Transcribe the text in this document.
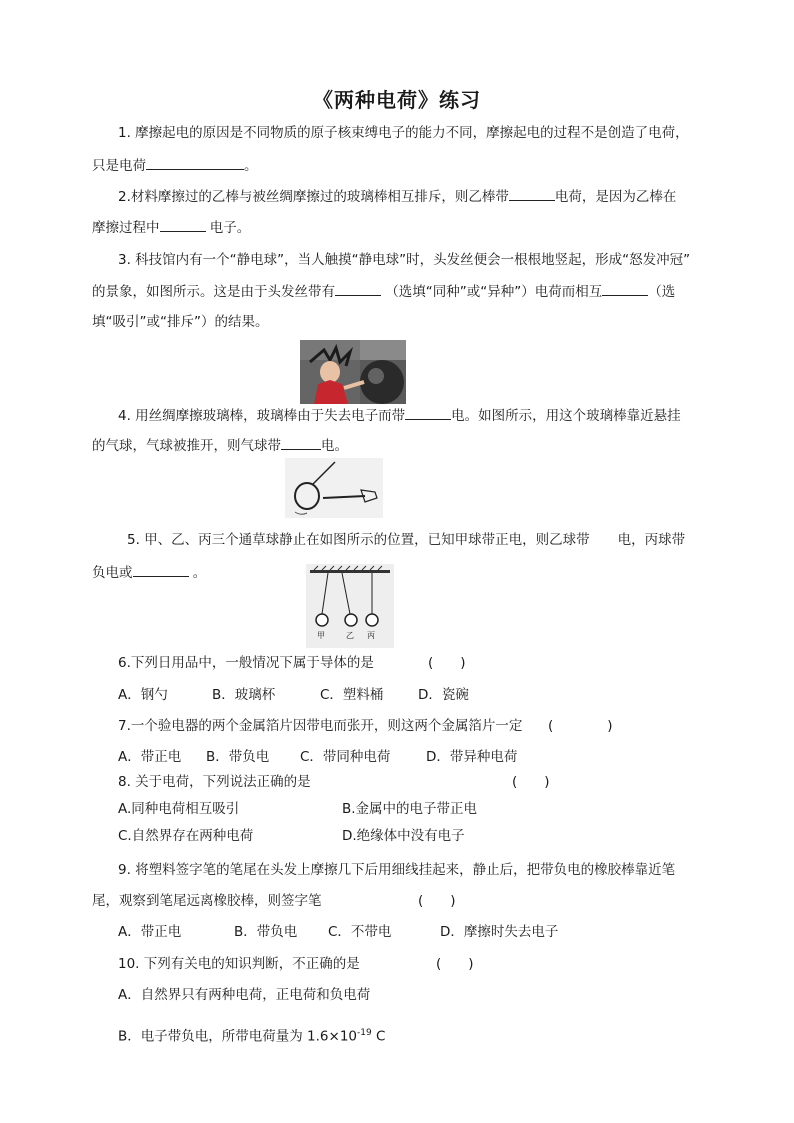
《两种电荷》练习
1. 摩擦起电的原因是不同物质的原子核束缚电子的能力不同，摩擦起电的过程不是创造了电荷，
只是电荷	。
2.材料摩擦过的乙棒与被丝绸摩擦过的玻璃棒相互排斥，则乙棒带	电荷，是因为乙棒在
摩擦过程中	电子。
3. 科技馆内有一个“静电球”，当人触摸“静电球”时，头发丝便会一根根地竖起，形成“怒发冲冠”
的景象，如图所示。这是由于头发丝带有	（选填“同种”或“异种”）电荷而相互	（选
填“吸引”或“排斥”）的结果。
4. 用丝绸摩擦玻璃棒，玻璃棒由于失去电子而带	电。如图所示，用这个玻璃棒靠近悬挂
的气球，气球被推开，则气球带	电。
5. 甲、乙、丙三个通草球静止在如图所示的位置，已知甲球带正电，则乙球带 电，丙球带
负电或	。
甲	乙 丙
6.下列日用品中，一般情况下属于导体的是	(　　)
A．钢勺	B．玻璃杯	C．塑料桶	D．瓷碗
7.一个验电器的两个金属箔片因带电而张开，则这两个金属箔片一定 (　　　　)
A．带正电 B．带负电 C．带同种电荷	D．带异种电荷
8. 关于电荷，下列说法正确的是	(　　)
A.同种电荷相互吸引	B.金属中的电子带正电
C.自然界存在两种电荷	D.绝缘体中没有电子
9. 将塑料签字笔的笔尾在头发上摩擦几下后用细线挂起来，静止后，把带负电的橡胶棒靠近笔
尾，观察到笔尾远离橡胶棒，则签字笔	(　　)
A．带正电	B．带负电 C．不带电	D．摩擦时失去电子
10. 下列有关电的知识判断，不正确的是	(　　)
A．自然界只有两种电荷，正电荷和负电荷
B．电子带负电，所带电荷量为 $1.6\times 10^{-19}$ C
